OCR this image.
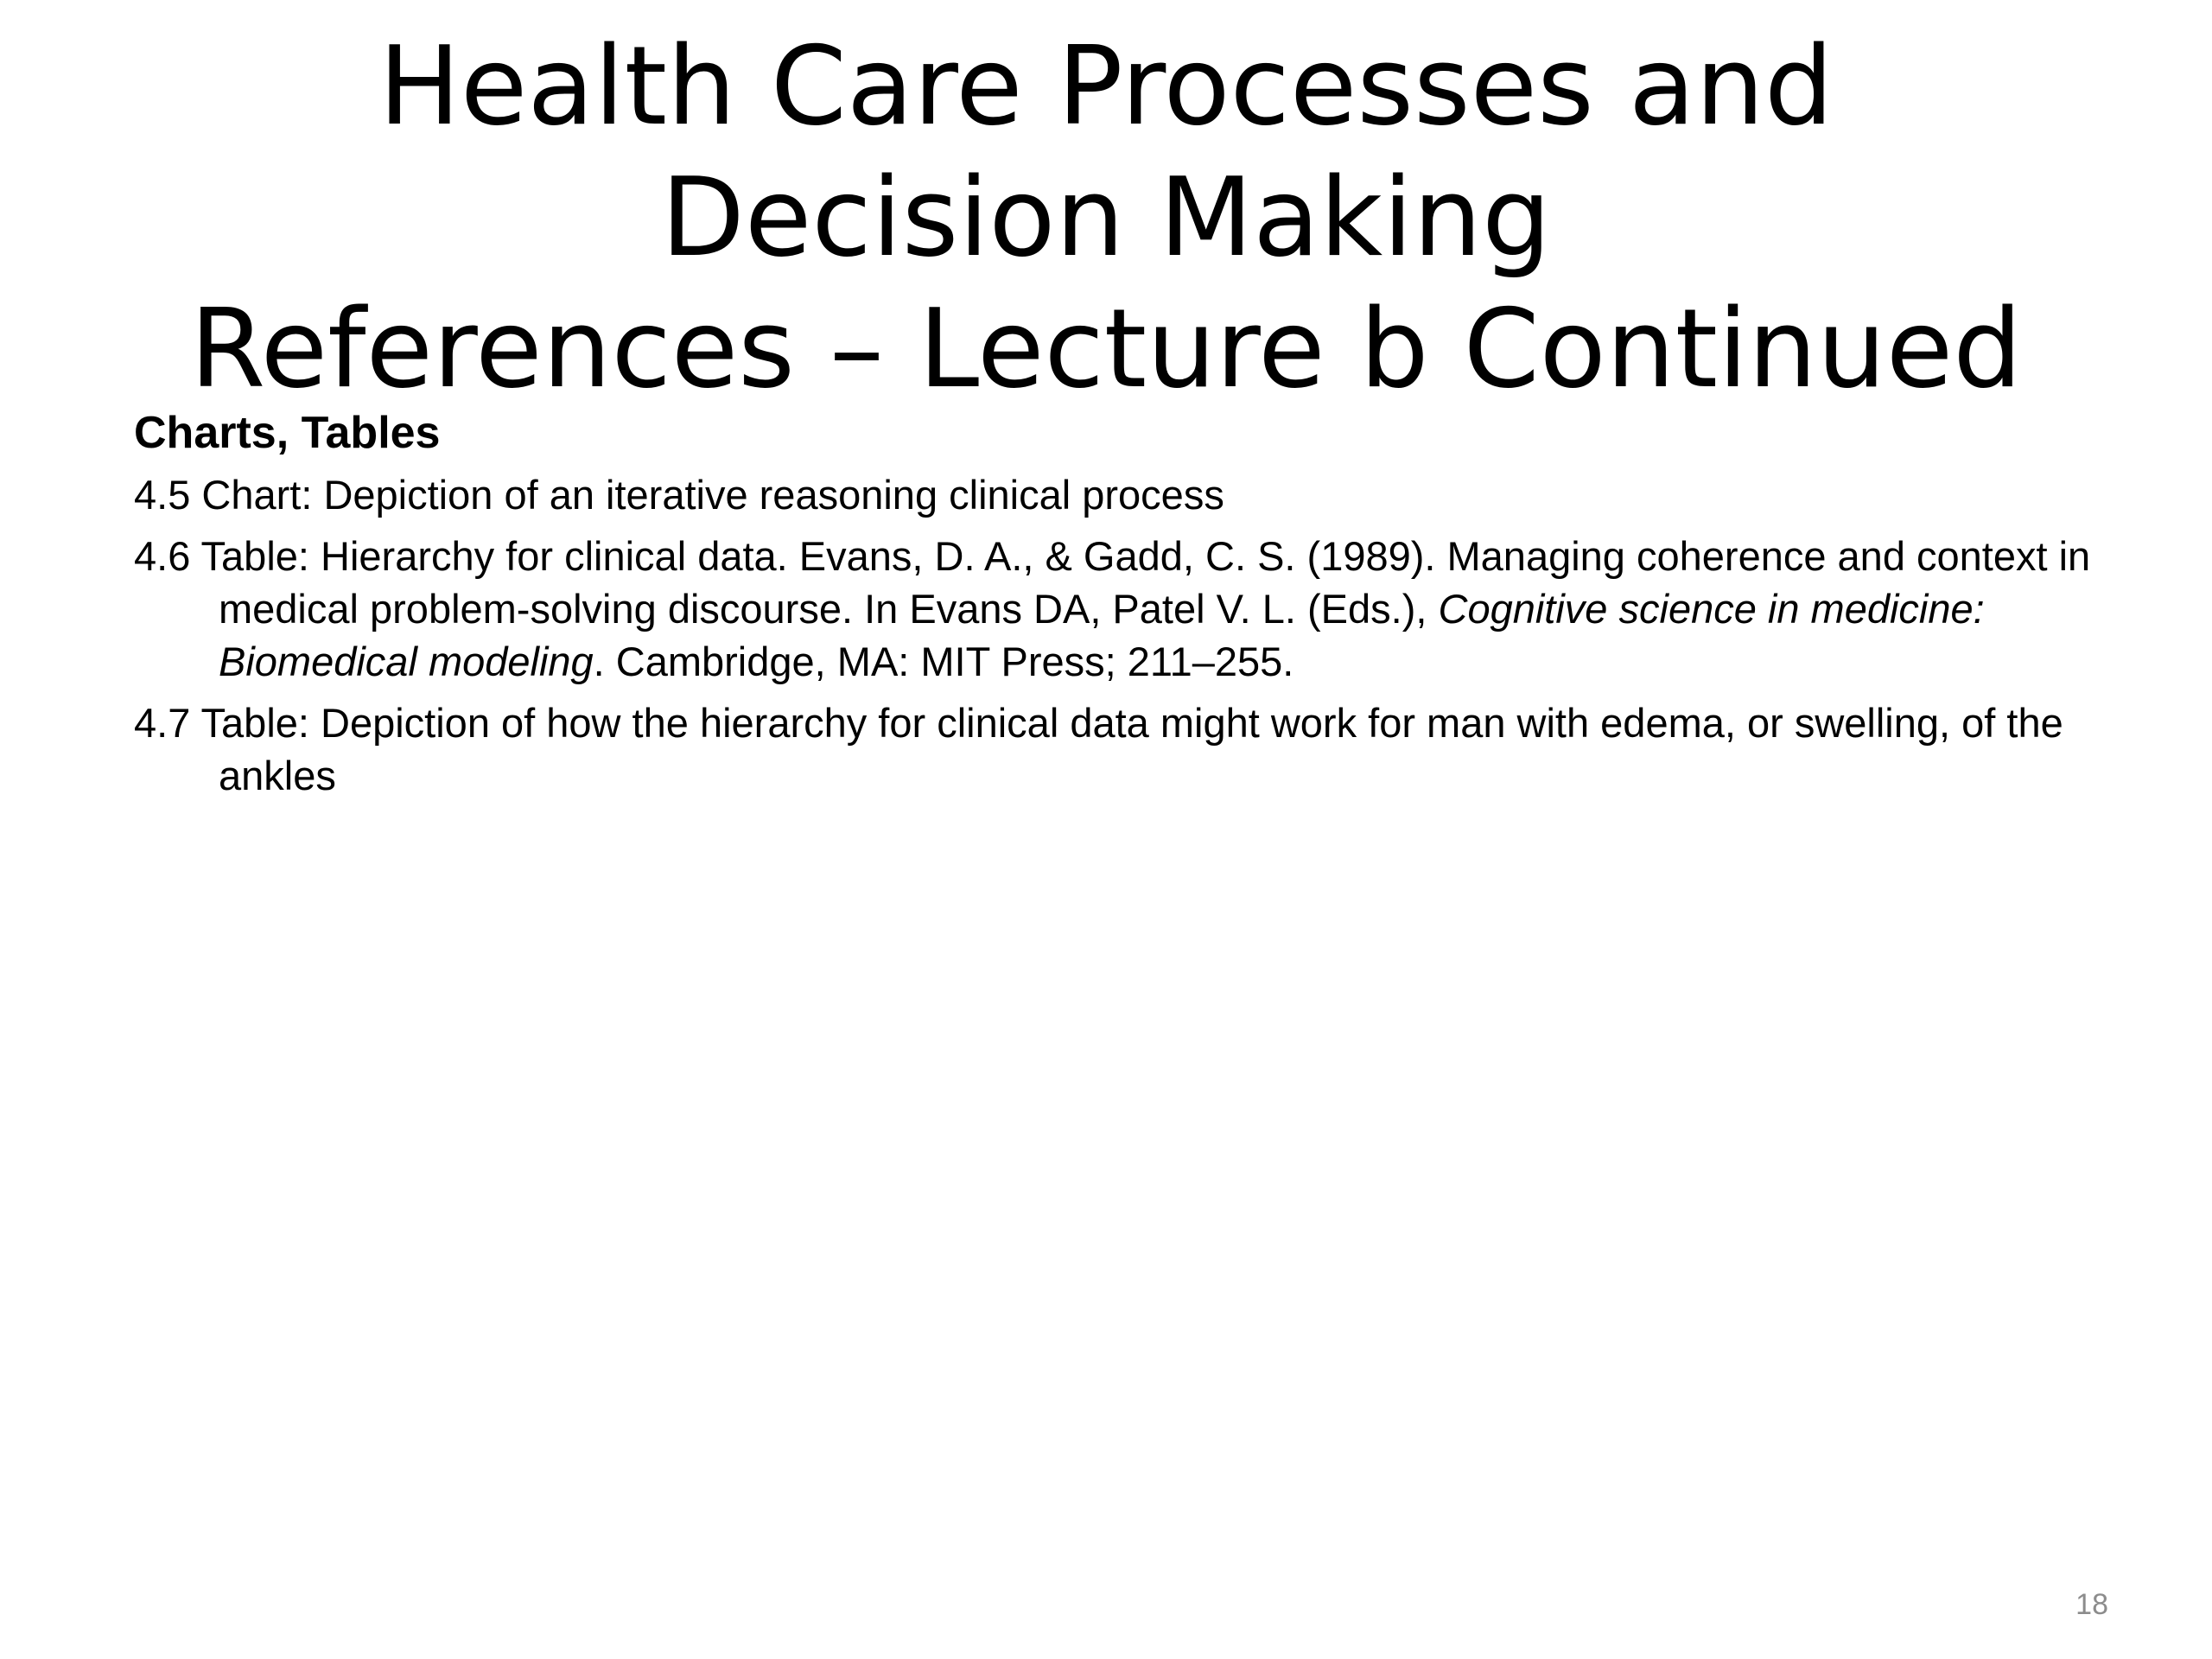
Health Care Processes and
Decision Making
References – Lecture b Continued
Charts, Tables

4.5 Chart: Depiction of an iterative reasoning clinical process

4.6 Table: Hierarchy for clinical data. Evans, D. A., & Gadd, C. S. (1989). Managing coherence and context in medical problem-solving discourse. In Evans DA, Patel V. L. (Eds.), Cognitive science in medicine: Biomedical modeling. Cambridge, MA: MIT Press; 211–255.

4.7 Table: Depiction of how the hierarchy for clinical data might work for man with edema, or swelling, of the ankles

18
